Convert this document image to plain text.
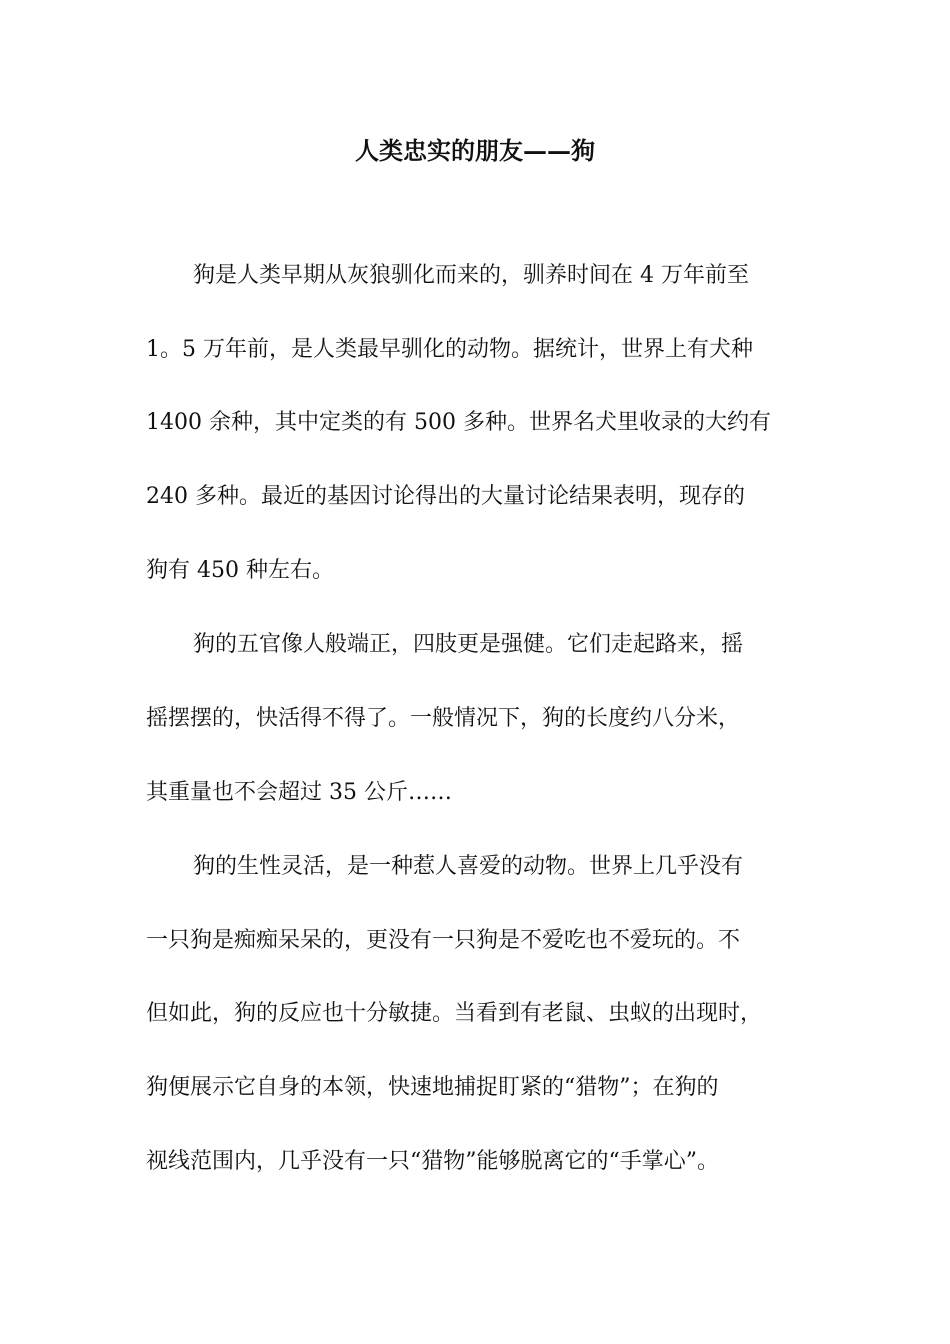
人类忠实的朋友——狗
狗是人类早期从灰狼驯化而来的，驯养时间在 4 万年前至
1。5 万年前，是人类最早驯化的动物。据统计，世界上有犬种
1400 余种，其中定类的有 500 多种。世界名犬里收录的大约有
240 多种。最近的基因讨论得出的大量讨论结果表明，现存的
狗有 450 种左右。
狗的五官像人般端正，四肢更是强健。它们走起路来，摇
摇摆摆的，快活得不得了。一般情况下，狗的长度约八分米，
其重量也不会超过 35 公斤……
狗的生性灵活，是一种惹人喜爱的动物。世界上几乎没有
一只狗是痴痴呆呆的，更没有一只狗是不爱吃也不爱玩的。不
但如此，狗的反应也十分敏捷。当看到有老鼠、虫蚁的出现时，
狗便展示它自身的本领，快速地捕捉盯紧的“猎物”；在狗的
视线范围内，几乎没有一只“猎物”能够脱离它的“手掌心”。
